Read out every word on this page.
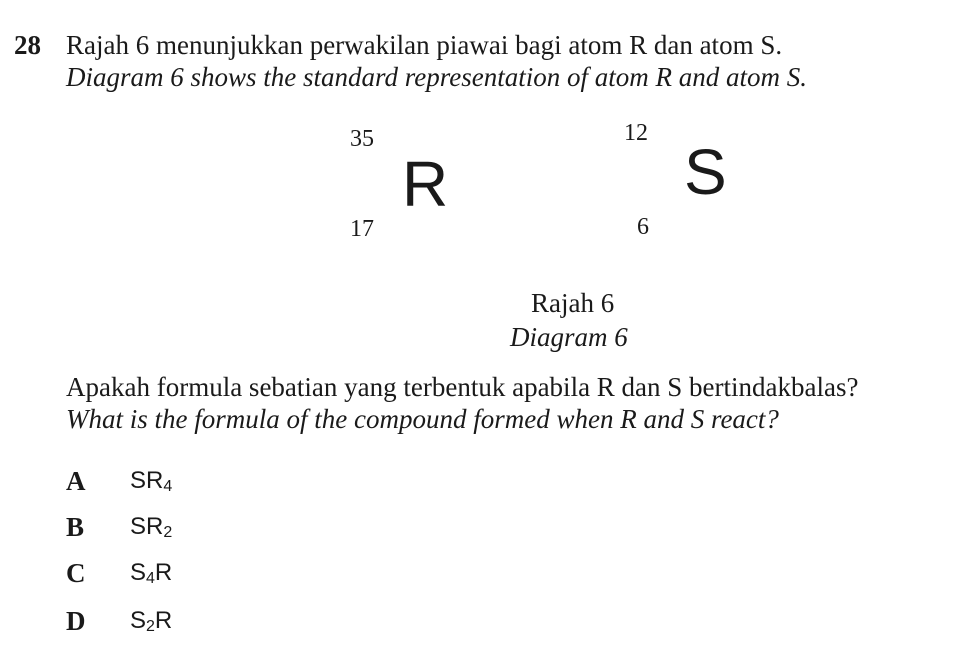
28 Rajah 6 menunjukkan perwakilan piawai bagi atom R dan atom S.
Diagram 6 shows the standard representation of atom R and atom S.
35
R
17
12
S
6
Rajah 6
Diagram 6
Apakah formula sebatian yang terbentuk apabila R dan S bertindakbalas?
What is the formula of the compound formed when R and S react?
A $SR_4$
B $SR_2$
C $S_4R$
D $S_2R$
